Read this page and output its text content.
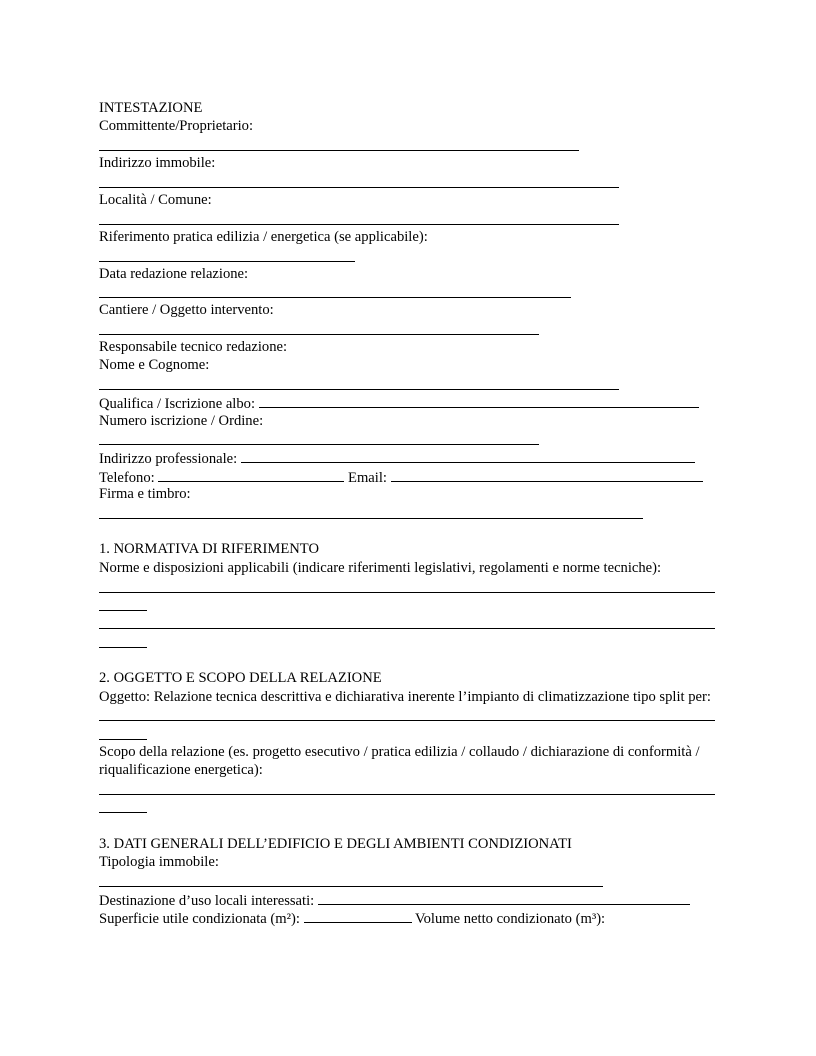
INTESTAZIONE
Committente/Proprietario:
Indirizzo immobile:
Località / Comune:
Riferimento pratica edilizia / energetica (se applicabile):
Data redazione relazione:
Cantiere / Oggetto intervento:
Responsabile tecnico redazione:
Nome e Cognome:
Qualifica / Iscrizione albo:
Numero iscrizione / Ordine:
Indirizzo professionale:
Telefono:	Email:
Firma e timbro:
1. NORMATIVA DI RIFERIMENTO
Norme e disposizioni applicabili (indicare riferimenti legislativi, regolamenti e norme tecniche):
2. OGGETTO E SCOPO DELLA RELAZIONE
Oggetto: Relazione tecnica descrittiva e dichiarativa inerente l’impianto di climatizzazione tipo split per:
Scopo della relazione (es. progetto esecutivo / pratica edilizia / collaudo / dichiarazione di conformità / riqualificazione energetica):
3. DATI GENERALI DELL’EDIFICIO E DEGLI AMBIENTI CONDIZIONATI
Tipologia immobile:
Destinazione d’uso locali interessati:
Superficie utile condizionata (m²):	Volume netto condizionato (m³):
